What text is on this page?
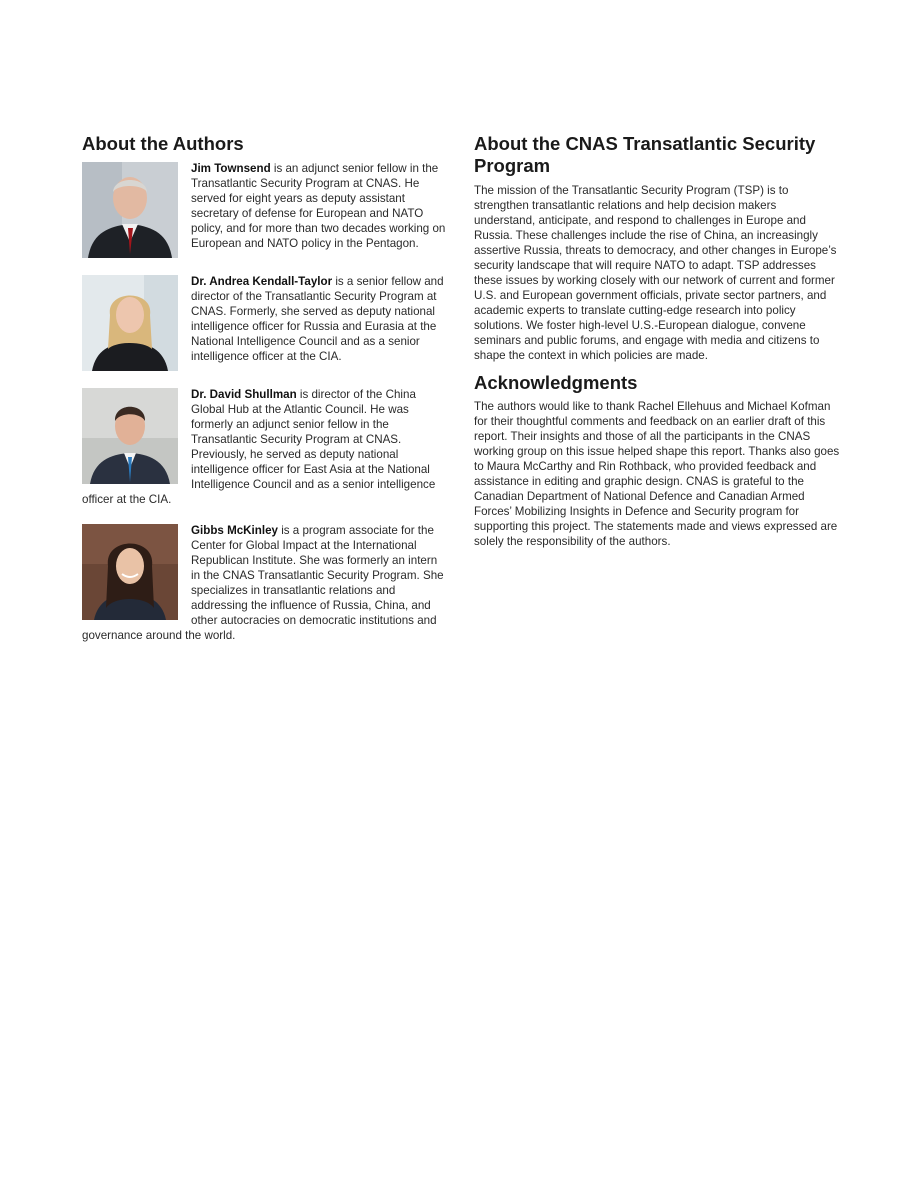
About the Authors
Jim Townsend is an adjunct senior fellow in the Transatlantic Security Program at CNAS. He served for eight years as deputy assistant secretary of defense for European and NATO policy, and for more than two decades working on European and NATO policy in the Pentagon.
Dr. Andrea Kendall-Taylor is a senior fellow and director of the Transatlantic Security Program at CNAS. Formerly, she served as deputy national intelligence officer for Russia and Eurasia at the National Intelligence Council and as a senior intelligence officer at the CIA.
Dr. David Shullman is director of the China Global Hub at the Atlantic Council. He was formerly an adjunct senior fellow in the Transatlantic Security Program at CNAS. Previously, he served as deputy national intelligence officer for East Asia at the National Intelligence Council and as a senior intelligence officer at the CIA.
Gibbs McKinley is a program associate for the Center for Global Impact at the International Republican Institute. She was formerly an intern in the CNAS Transatlantic Security Program. She specializes in transatlantic relations and addressing the influence of Russia, China, and other autocracies on democratic institutions and governance around the world.
About the CNAS Transatlantic Security Program

The mission of the Transatlantic Security Program (TSP) is to strengthen transatlantic relations and help decision makers understand, anticipate, and respond to challenges in Europe and Russia. These challenges include the rise of China, an increasingly assertive Russia, threats to democracy, and other changes in Europe’s security landscape that will require NATO to adapt. TSP addresses these issues by working closely with our network of current and former U.S. and European government officials, private sector partners, and academic experts to translate cutting-edge research into policy solutions. We foster high-level U.S.-European dialogue, convene seminars and public forums, and engage with media and citizens to shape the context in which policies are made.

Acknowledgments

The authors would like to thank Rachel Ellehuus and Michael Kofman for their thoughtful comments and feedback on an earlier draft of this report. Their insights and those of all the participants in the CNAS working group on this issue helped shape this report. Thanks also goes to Maura McCarthy and Rin Rothback, who provided feedback and assistance in editing and graphic design. CNAS is grateful to the Canadian Department of National Defence and Canadian Armed Forces’ Mobilizing Insights in Defence and Security program for supporting this project. The statements made and views expressed are solely the responsibility of the authors.
